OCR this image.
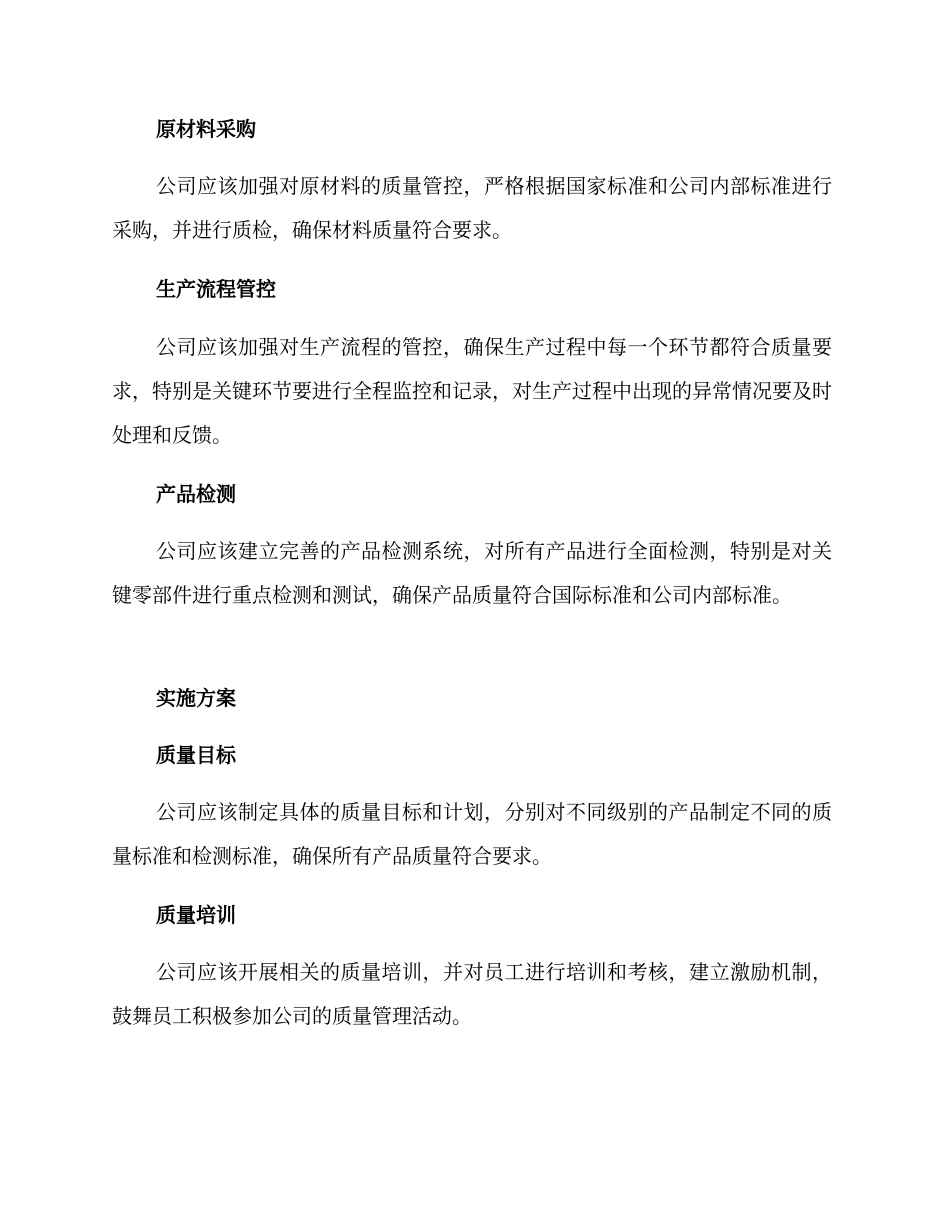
原材料采购

公司应该加强对原材料的质量管控，严格根据国家标准和公司内部标准进行采购，并进行质检，确保材料质量符合要求。

生产流程管控

公司应该加强对生产流程的管控，确保生产过程中每一个环节都符合质量要求，特别是关键环节要进行全程监控和记录，对生产过程中出现的异常情况要及时处理和反馈。

产品检测

公司应该建立完善的产品检测系统，对所有产品进行全面检测，特别是对关键零部件进行重点检测和测试，确保产品质量符合国际标准和公司内部标准。

实施方案
质量目标

公司应该制定具体的质量目标和计划，分别对不同级别的产品制定不同的质量标准和检测标准，确保所有产品质量符合要求。

质量培训

公司应该开展相关的质量培训，并对员工进行培训和考核，建立激励机制，鼓舞员工积极参加公司的质量管理活动。
